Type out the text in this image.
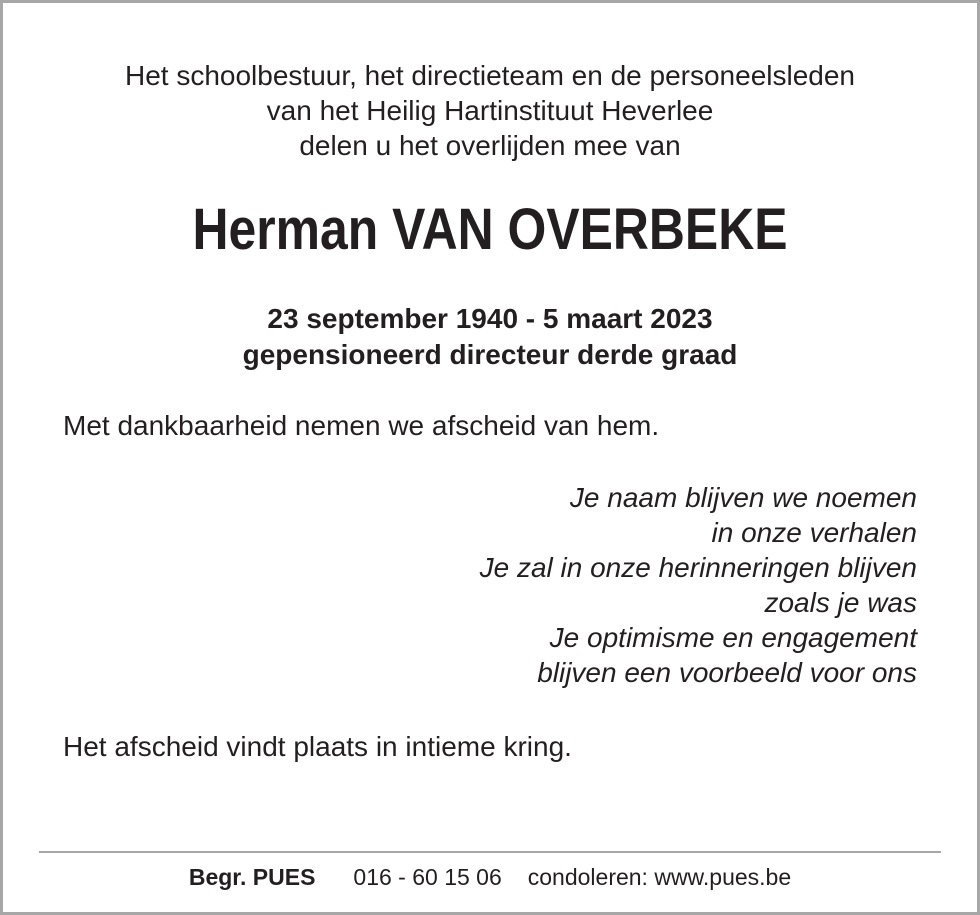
Het schoolbestuur, het directieteam en de personeelsleden
van het Heilig Hartinstituut Heverlee
delen u het overlijden mee van
Herman VAN OVERBEKE
23 september 1940 - 5 maart 2023
gepensioneerd directeur derde graad
Met dankbaarheid nemen we afscheid van hem.
Je naam blijven we noemen
in onze verhalen
Je zal in onze herinneringen blijven
zoals je was
Je optimisme en engagement
blijven een voorbeeld voor ons
Het afscheid vindt plaats in intieme kring.
Begr. PUES 016 - 60 15 06 condoleren: www.pues.be
